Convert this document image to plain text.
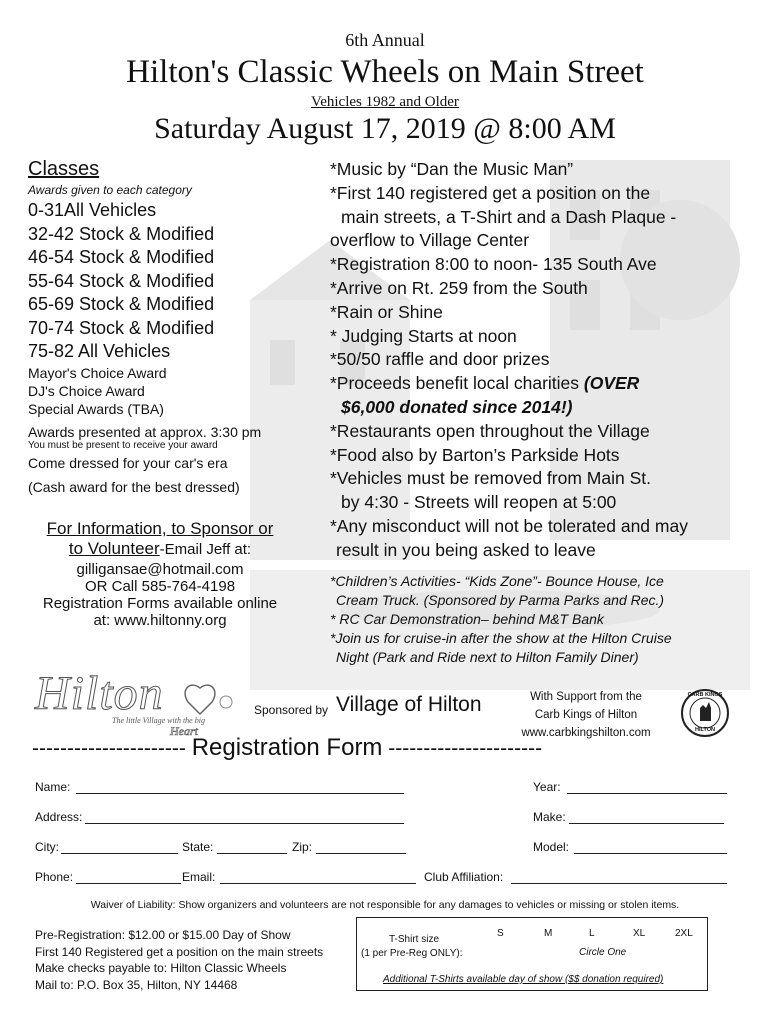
6th Annual
Hilton's Classic Wheels on Main Street
Vehicles 1982 and Older
Saturday August 17, 2019 @ 8:00 AM
Classes
Awards given to each category
0-31All Vehicles
32-42 Stock & Modified
46-54 Stock & Modified
55-64 Stock & Modified
65-69 Stock & Modified
70-74 Stock & Modified
75-82 All Vehicles
Mayor's Choice Award
DJ's Choice Award
Special Awards (TBA)
Awards presented at approx. 3:30 pm
You must be present to receive your award
Come dressed for your car's era
(Cash award for the best dressed)
For Information, to Sponsor or
to Volunteer-Email Jeff at:
gilligansae@hotmail.com
OR Call 585-764-4198
Registration Forms available online
at: www.hiltonny.org
*Music by “Dan the Music Man”
*First 140 registered get a position on the
main streets, a T-Shirt and a Dash Plaque -
overflow to Village Center
*Registration 8:00 to noon- 135 South Ave
*Arrive on Rt. 259 from the South
*Rain or Shine
* Judging Starts at noon
*50/50 raffle and door prizes
*Proceeds benefit local charities (OVER
$6,000 donated since 2014!)
*Restaurants open throughout the Village
*Food also by Barton’s Parkside Hots
*Vehicles must be removed from Main St.
by 4:30 - Streets will reopen at 5:00
*Any misconduct will not be tolerated and may
result in you being asked to leave
*Children’s Activities- “Kids Zone”- Bounce House, Ice
Cream Truck. (Sponsored by Parma Parks and Rec.)
* RC Car Demonstration– behind M&T Bank
*Join us for cruise-in after the show at the Hilton Cruise
Night (Park and Ride next to Hilton Family Diner)
Hilton
The little Village with the big
Heart
Sponsored by Village of Hilton	With Support from the
Carb Kings of Hilton
www.carbkingshilton.com
CARB KINGS
HILTON
---------------------- Registration Form ----------------------
Name:	Year:
Address:	Make:
City:	State:	Zip:	Model:
Phone:	Email:	Club Affiliation:
Waiver of Liability: Show organizers and volunteers are not responsible for any damages to vehicles or missing or stolen items.
Pre-Registration: $12.00 or $15.00 Day of Show
First 140 Registered get a position on the main streets
Make checks payable to: Hilton Classic Wheels
Mail to: P.O. Box 35, Hilton, NY 14468
T-Shirt size
(1 per Pre-Reg ONLY):
S	M	L	XL	2XL
Circle One
Additional T-Shirts available day of show ($$ donation required)
